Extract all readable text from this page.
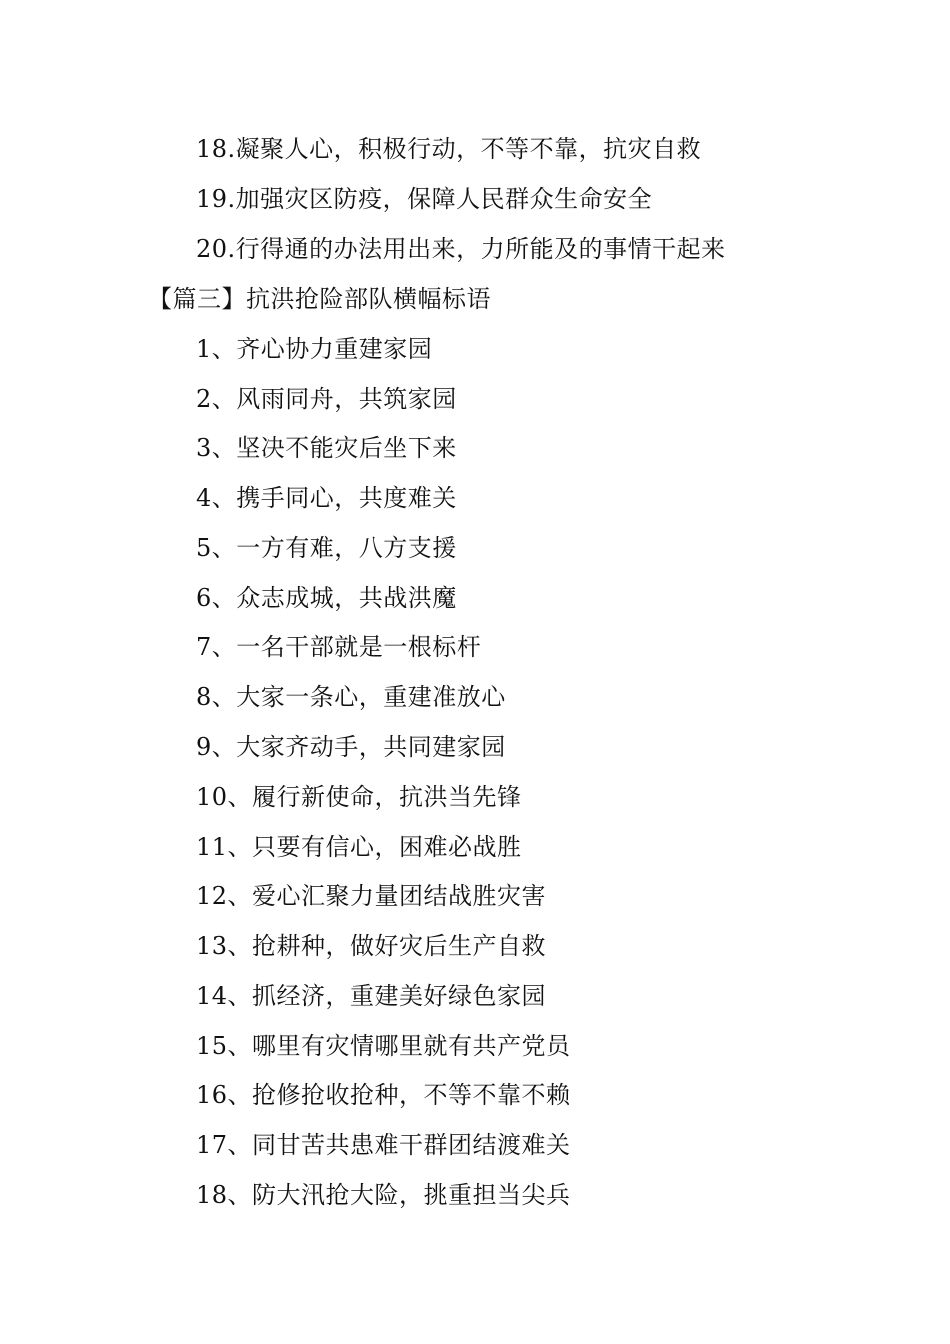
18.凝聚人心，积极行动，不等不靠，抗灾自救
19.加强灾区防疫，保障人民群众生命安全
20.行得通的办法用出来，力所能及的事情干起来
【篇三】抗洪抢险部队横幅标语
1、齐心协力重建家园
2、风雨同舟，共筑家园
3、坚决不能灾后坐下来
4、携手同心，共度难关
5、一方有难，八方支援
6、众志成城，共战洪魔
7、一名干部就是一根标杆
8、大家一条心，重建准放心
9、大家齐动手，共同建家园
10、履行新使命，抗洪当先锋
11、只要有信心，困难必战胜
12、爱心汇聚力量团结战胜灾害
13、抢耕种，做好灾后生产自救
14、抓经济，重建美好绿色家园
15、哪里有灾情哪里就有共产党员
16、抢修抢收抢种，不等不靠不赖
17、同甘苦共患难干群团结渡难关
18、防大汛抢大险，挑重担当尖兵
